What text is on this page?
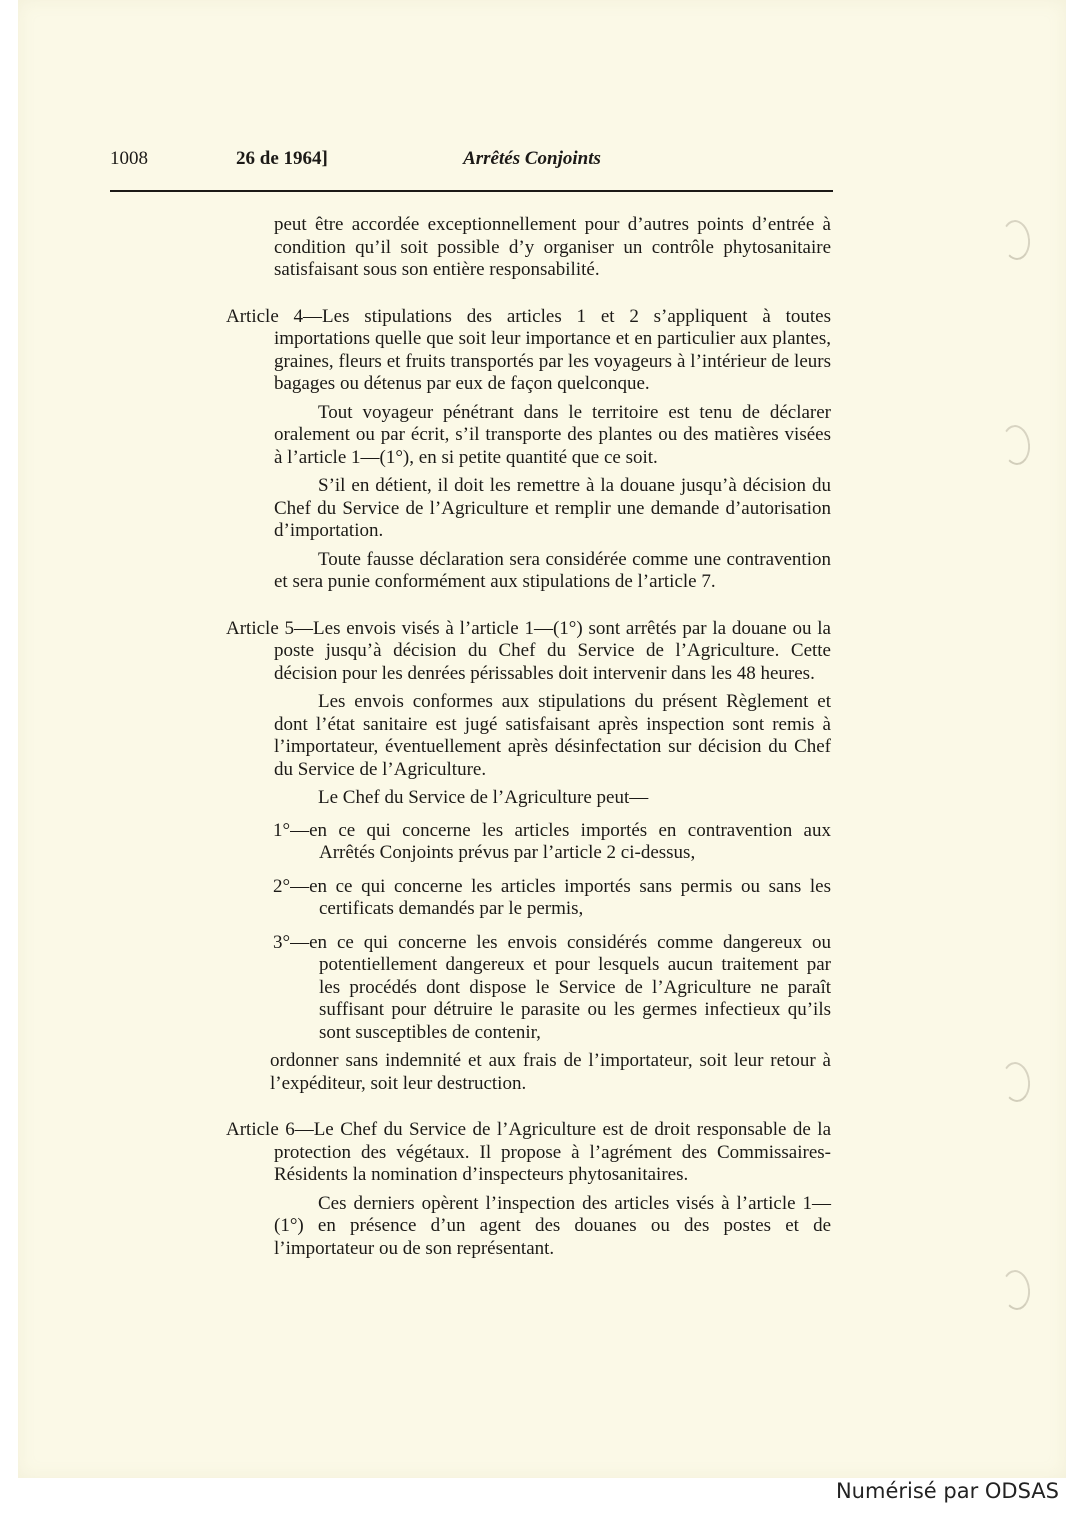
1008	26 de 1964]	Arrêtés Conjoints

peut être accordée exceptionnellement pour d’autres points d’entrée à condition qu’il soit possible d’y organiser un contrôle phytosanitaire satisfaisant sous son entière responsabilité.

Article 4—Les stipulations des articles 1 et 2 s’appliquent à toutes importations quelle que soit leur importance et en particulier aux plantes, graines, fleurs et fruits transportés par les voyageurs à l’intérieur de leurs bagages ou détenus par eux de façon quelconque.

Tout voyageur pénétrant dans le territoire est tenu de déclarer oralement ou par écrit, s’il transporte des plantes ou des matières visées à l’article 1—(1°), en si petite quantité que ce soit.

S’il en détient, il doit les remettre à la douane jusqu’à décision du Chef du Service de l’Agriculture et remplir une demande d’autorisation d’importation.

Toute fausse déclaration sera considérée comme une contravention et sera punie conformément aux stipulations de l’article 7.

Article 5—Les envois visés à l’article 1—(1°) sont arrêtés par la douane ou la poste jusqu’à décision du Chef du Service de l’Agriculture. Cette décision pour les denrées périssables doit intervenir dans les 48 heures.

Les envois conformes aux stipulations du présent Règlement et dont l’état sanitaire est jugé satisfaisant après inspection sont remis à l’importateur, éventuellement après désinfectation sur décision du Chef du Service de l’Agriculture.

Le Chef du Service de l’Agriculture peut—

1°—en ce qui concerne les articles importés en contravention aux Arrêtés Conjoints prévus par l’article 2 ci-dessus,

2°—en ce qui concerne les articles importés sans permis ou sans les certificats demandés par le permis,

3°—en ce qui concerne les envois considérés comme dangereux ou potentiellement dangereux et pour lesquels aucun traitement par les procédés dont dispose le Service de l’Agriculture ne paraît suffisant pour détruire le parasite ou les germes infectieux qu’ils sont susceptibles de contenir,

ordonner sans indemnité et aux frais de l’importateur, soit leur retour à l’expéditeur, soit leur destruction.

Article 6—Le Chef du Service de l’Agriculture est de droit responsable de la protection des végétaux. Il propose à l’agrément des Commissaires-Résidents la nomination d’inspecteurs phytosanitaires.

Ces derniers opèrent l’inspection des articles visés à l’article 1—(1°) en présence d’un agent des douanes ou des postes et de l’importateur ou de son représentant.

Numérisé par ODSAS
